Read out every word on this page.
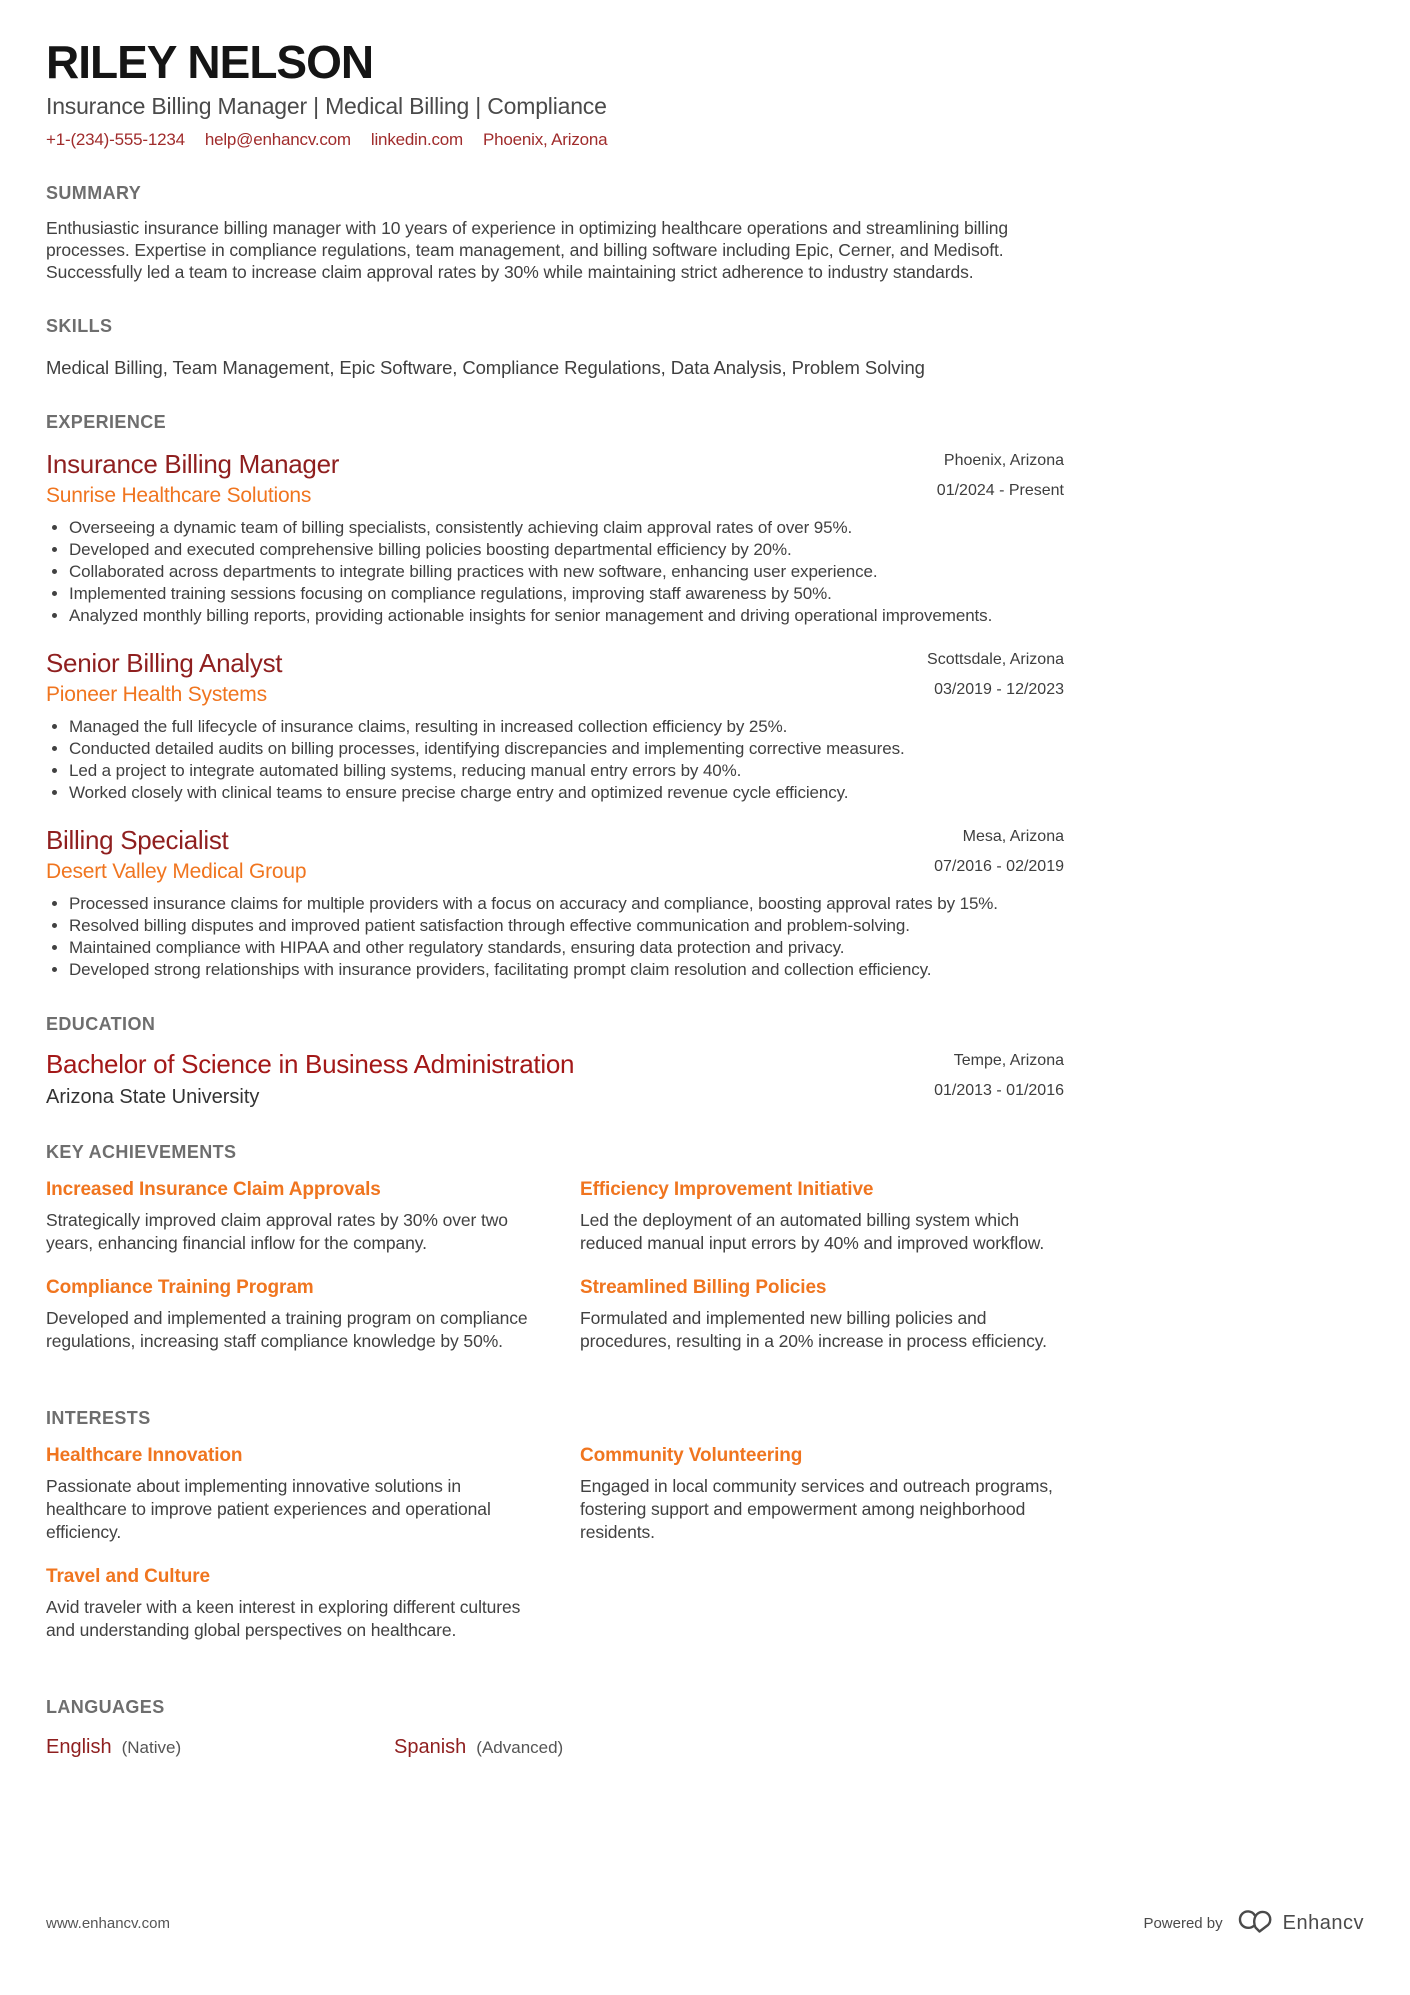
RILEY NELSON
Insurance Billing Manager | Medical Billing | Compliance
+1-(234)-555-1234 help@enhancv.com linkedin.com Phoenix, Arizona
SUMMARY
Enthusiastic insurance billing manager with 10 years of experience in optimizing healthcare operations and streamlining billing processes. Expertise in compliance regulations, team management, and billing software including Epic, Cerner, and Medisoft. Successfully led a team to increase claim approval rates by 30% while maintaining strict adherence to industry standards.
SKILLS
Medical Billing, Team Management, Epic Software, Compliance Regulations, Data Analysis, Problem Solving
EXPERIENCE
Insurance Billing Manager
Sunrise Healthcare Solutions
Phoenix, Arizona
01/2024 - Present
• Overseeing a dynamic team of billing specialists, consistently achieving claim approval rates of over 95%.
• Developed and executed comprehensive billing policies boosting departmental efficiency by 20%.
• Collaborated across departments to integrate billing practices with new software, enhancing user experience.
• Implemented training sessions focusing on compliance regulations, improving staff awareness by 50%.
• Analyzed monthly billing reports, providing actionable insights for senior management and driving operational improvements.
Senior Billing Analyst
Pioneer Health Systems
Scottsdale, Arizona
03/2019 - 12/2023
• Managed the full lifecycle of insurance claims, resulting in increased collection efficiency by 25%.
• Conducted detailed audits on billing processes, identifying discrepancies and implementing corrective measures.
• Led a project to integrate automated billing systems, reducing manual entry errors by 40%.
• Worked closely with clinical teams to ensure precise charge entry and optimized revenue cycle efficiency.
Billing Specialist
Desert Valley Medical Group
Mesa, Arizona
07/2016 - 02/2019
• Processed insurance claims for multiple providers with a focus on accuracy and compliance, boosting approval rates by 15%.
• Resolved billing disputes and improved patient satisfaction through effective communication and problem-solving.
• Maintained compliance with HIPAA and other regulatory standards, ensuring data protection and privacy.
• Developed strong relationships with insurance providers, facilitating prompt claim resolution and collection efficiency.
EDUCATION
Bachelor of Science in Business Administration
Arizona State University
Tempe, Arizona
01/2013 - 01/2016
KEY ACHIEVEMENTS
Increased Insurance Claim Approvals
Strategically improved claim approval rates by 30% over two years, enhancing financial inflow for the company.
Efficiency Improvement Initiative
Led the deployment of an automated billing system which reduced manual input errors by 40% and improved workflow.
Compliance Training Program
Developed and implemented a training program on compliance regulations, increasing staff compliance knowledge by 50%.
Streamlined Billing Policies
Formulated and implemented new billing policies and procedures, resulting in a 20% increase in process efficiency.
INTERESTS
Healthcare Innovation
Passionate about implementing innovative solutions in healthcare to improve patient experiences and operational efficiency.
Community Volunteering
Engaged in local community services and outreach programs, fostering support and empowerment among neighborhood residents.
Travel and Culture
Avid traveler with a keen interest in exploring different cultures and understanding global perspectives on healthcare.
LANGUAGES
English (Native)	Spanish (Advanced)
www.enhancv.com	Powered by	Enhancv
